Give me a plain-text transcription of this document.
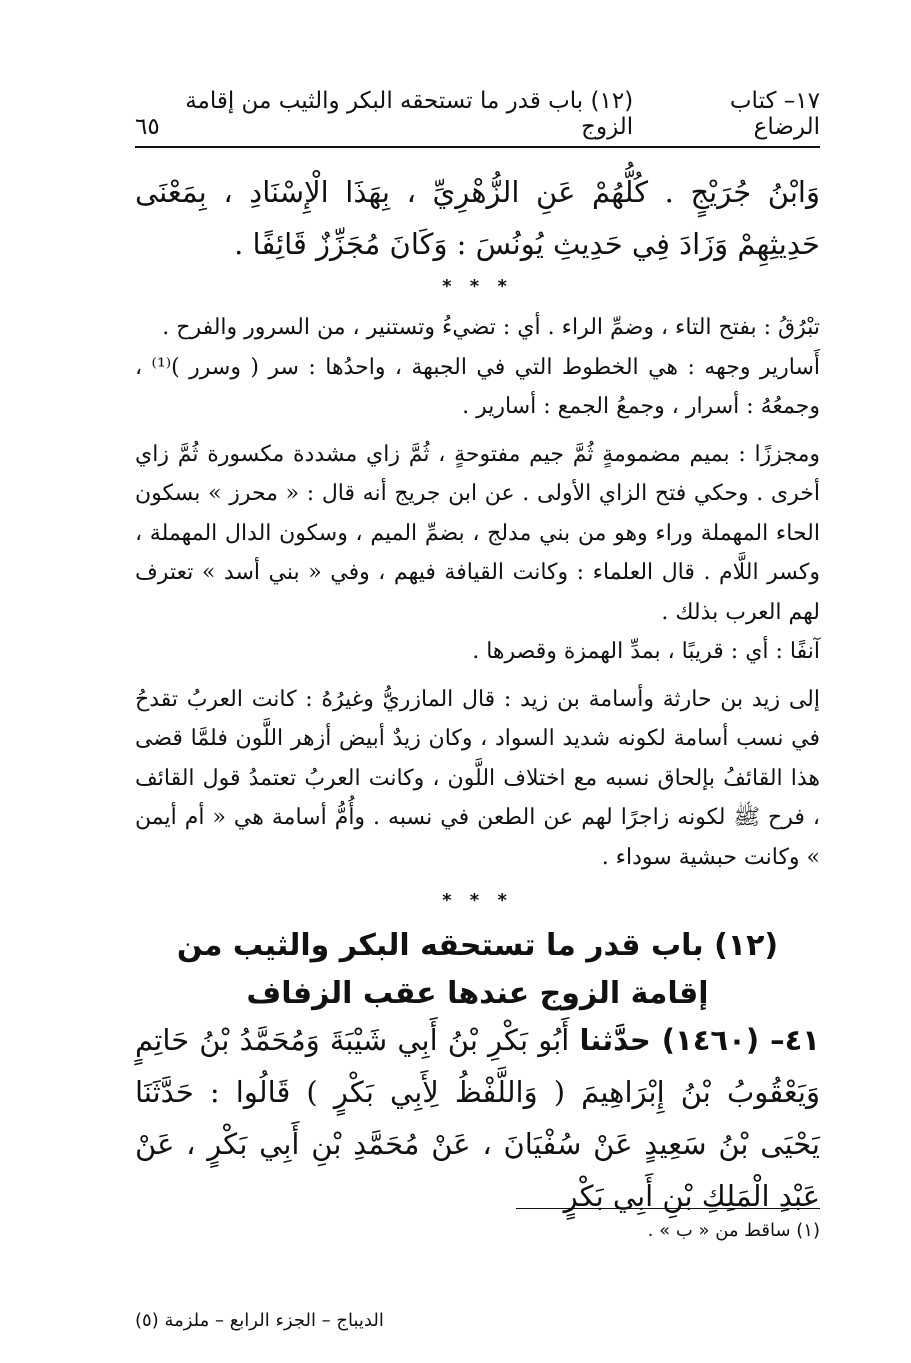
١٧– كتاب الرضاع
(١٢) باب قدر ما تستحقه البكر والثيب من إقامة الزوج
٦٥
وَابْنُ جُرَيْجٍ . كُلُّهُمْ عَنِ الزُّهْرِيِّ ، بِهَذَا الْإِسْنَادِ ، بِمَعْنَى حَدِيثِهِمْ وَزَادَ فِي حَدِيثِ يُونُسَ : وَكَانَ مُجَزِّزٌ قَائِفًا .
* * *

تبْرُقُ : بفتح التاء ، وضمِّ الراء . أي : تضيءُ وتستنير ، من السرور والفرح .

أَسارير وجهه : هي الخطوط التي في الجبهة ، واحدُها : سر ( وسرر )⁽¹⁾ ، وجمعُهُ : أسرار ، وجمعُ الجمع : أسارير .

ومجززًا : بميم مضمومةٍ ثُمَّ جيم مفتوحةٍ ، ثُمَّ زاي مشددة مكسورة ثُمَّ زاي أخرى . وحكي فتح الزاي الأولى . عن ابن جريج أنه قال : « محرز » بسكون الحاء المهملة وراء وهو من بني مدلج ، بضمِّ الميم ، وسكون الدال المهملة ، وكسر اللَّام . قال العلماء : وكانت القيافة فيهم ، وفي « بني أسد » تعترف لهم العرب بذلك .

آنفًا : أي : قريبًا ، بمدِّ الهمزة وقصرها .

إلى زيد بن حارثة وأسامة بن زيد : قال المازريُّ وغيرُهُ : كانت العربُ تقدحُ في نسب أسامة لكونه شديد السواد ، وكان زيدٌ أبيض أزهر اللَّون فلمَّا قضى هذا القائفُ بإلحاق نسبه مع اختلاف اللَّون ، وكانت العربُ تعتمدُ قول القائف ، فرح ﷺ لكونه زاجرًا لهم عن الطعن في نسبه . وأُمُّ أسامة هي « أم أيمن » وكانت حبشية سوداء .

* * *
(١٢) باب قدر ما تستحقه البكر والثيب من إقامة الزوج عندها عقب الزفاف
٤١– (١٤٦٠) حدَّثنا أَبُو بَكْرِ بْنُ أَبِي شَيْبَةَ وَمُحَمَّدُ بْنُ حَاتِمٍ وَيَعْقُوبُ بْنُ إِبْرَاهِيمَ ( وَاللَّفْظُ لِأَبِي بَكْرٍ ) قَالُوا : حَدَّثَنَا يَحْيَى بْنُ سَعِيدٍ عَنْ سُفْيَانَ ، عَنْ مُحَمَّدِ بْنِ أَبِي بَكْرٍ ، عَنْ عَبْدِ الْمَلِكِ بْنِ أَبِي بَكْرٍ
(١) ساقط من « ب » .
الديباج – الجزء الرابع – ملزمة (٥)
